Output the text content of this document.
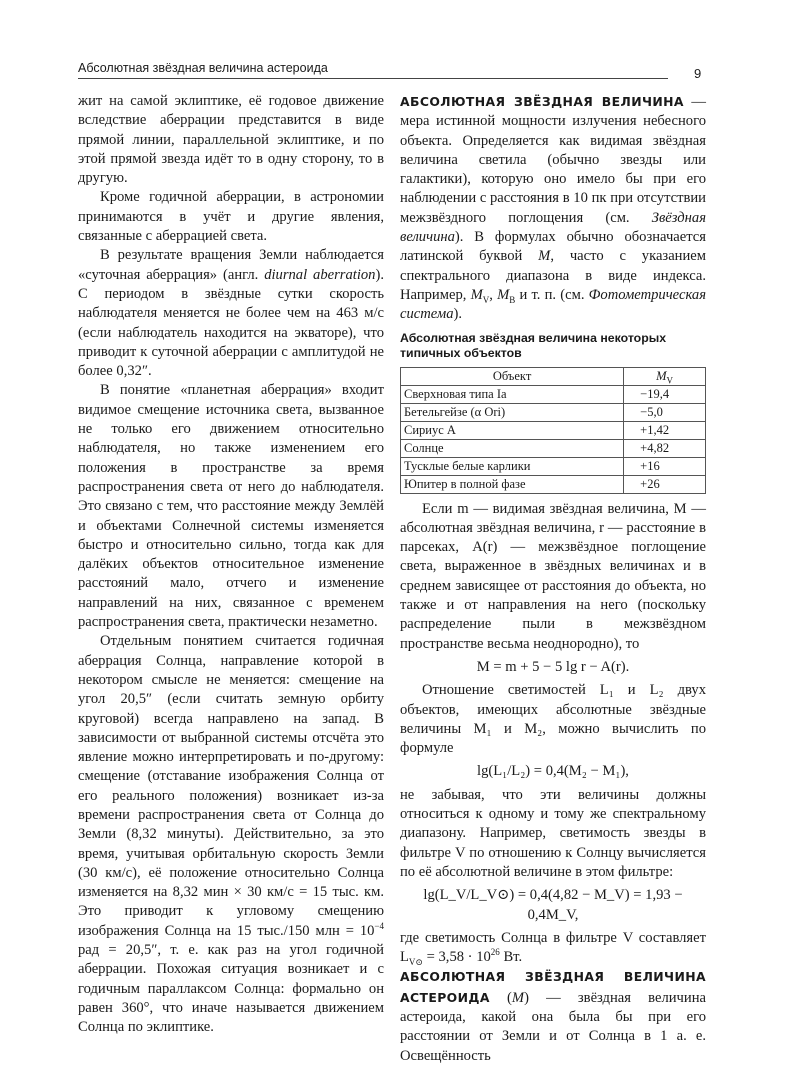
Абсолютная звёздная величина астероида	9

жит на самой эклиптике, её годовое движение вследствие аберрации представится в виде прямой линии, параллельной эклиптике, и по этой прямой звезда идёт то в одну сторону, то в другую.

Кроме годичной аберрации, в астрономии принимаются в учёт и другие явления, связанные с аберрацией света.

В результате вращения Земли наблюдается «суточная аберрация» (англ. diurnal aberration). С периодом в звёздные сутки скорость наблюдателя меняется не более чем на 463 м/с (если наблюдатель находится на экваторе), что приводит к суточной аберрации с амплитудой не более 0,32″.

В понятие «планетная аберрация» входит видимое смещение источника света, вызванное не только его движением относительно наблюдателя, но также изменением его положения в пространстве за время распространения света от него до наблюдателя. Это связано с тем, что расстояние между Землёй и объектами Солнечной системы изменяется быстро и относительно сильно, тогда как для далёких объектов относительное изменение расстояний мало, отчего и изменение направлений на них, связанное с временем распространения света, практически незаметно.

Отдельным понятием считается годичная аберрация Солнца, направление которой в некотором смысле не меняется: смещение на угол 20,5″ (если считать земную орбиту круговой) всегда направлено на запад. В зависимости от выбранной системы отсчёта это явление можно интерпретировать и по-другому: смещение (отставание изображения Солнца от его реального положения) возникает из-за времени распространения света от Солнца до Земли (8,32 минуты). Действительно, за это время, учитывая орбитальную скорость Земли (30 км/с), её положение относительно Солнца изменяется на 8,32 мин × 30 км/с = 15 тыс. км. Это приводит к угловому смещению изображения Солнца на 15 тыс./150 млн = $10^{-4}$ рад = 20,5″, т. е. как раз на угол годичной аберрации. Похожая ситуация возникает и с годичным параллаксом Солнца: формально он равен 360°, что иначе называется движением Солнца по эклиптике.

АБСОЛЮТНАЯ ЗВЁЗДНАЯ ВЕЛИЧИНА — мера истинной мощности излучения небесного объекта. Определяется как видимая звёздная величина светила (обычно звезды или галактики), которую оно имело бы при его наблюдении с расстояния в 10 пк при отсутствии межзвёздного поглощения (см. Звёздная величина). В формулах обычно обозначается латинской буквой M, часто с указанием спектрального диапазона в виде индекса. Например, $M_V$, $M_B$ и т. п. (см. Фотометрическая система).

Абсолютная звёздная величина некоторых типичных объектов
Объект	$M_V$
Сверхновая типа Ia	−19,4
Бетельгейзе (α Ori)	−5,0
Сириус A	+1,42
Солнце	+4,82
Тусклые белые карлики	+16
Юпитер в полной фазе	+26

Если m — видимая звёздная величина, M — абсолютная звёздная величина, r — расстояние в парсеках, A(r) — межзвёздное поглощение света, выраженное в звёздных величинах и в среднем зависящее от расстояния до объекта, но также и от направления на него (поскольку распределение пыли в межзвёздном пространстве весьма неоднородно), то

M = m + 5 − 5 lg r − A(r).

Отношение светимостей L₁ и L₂ двух объектов, имеющих абсолютные звёздные величины M₁ и M₂, можно вычислить по формуле

lg(L₁/L₂) = 0,4(M₂ − M₁),

не забывая, что эти величины должны относиться к одному и тому же спектральному диапазону. Например, светимость звезды в фильтре V по отношению к Солнцу вычисляется по её абсолютной величине в этом фильтре:

lg(L_V/L_V⊙) = 0,4(4,82 − M_V) = 1,93 − 0,4M_V,

где светимость Солнца в фильтре V составляет $L_{V⊙} = 3,58 \cdot 10^{26}$ Вт.

АБСОЛЮТНАЯ ЗВЁЗДНАЯ ВЕЛИЧИНА АСТЕРОИДА (M) — звёздная величина астероида, какой она была бы при его расстоянии от Земли и от Солнца в 1 а. е. Освещённость
